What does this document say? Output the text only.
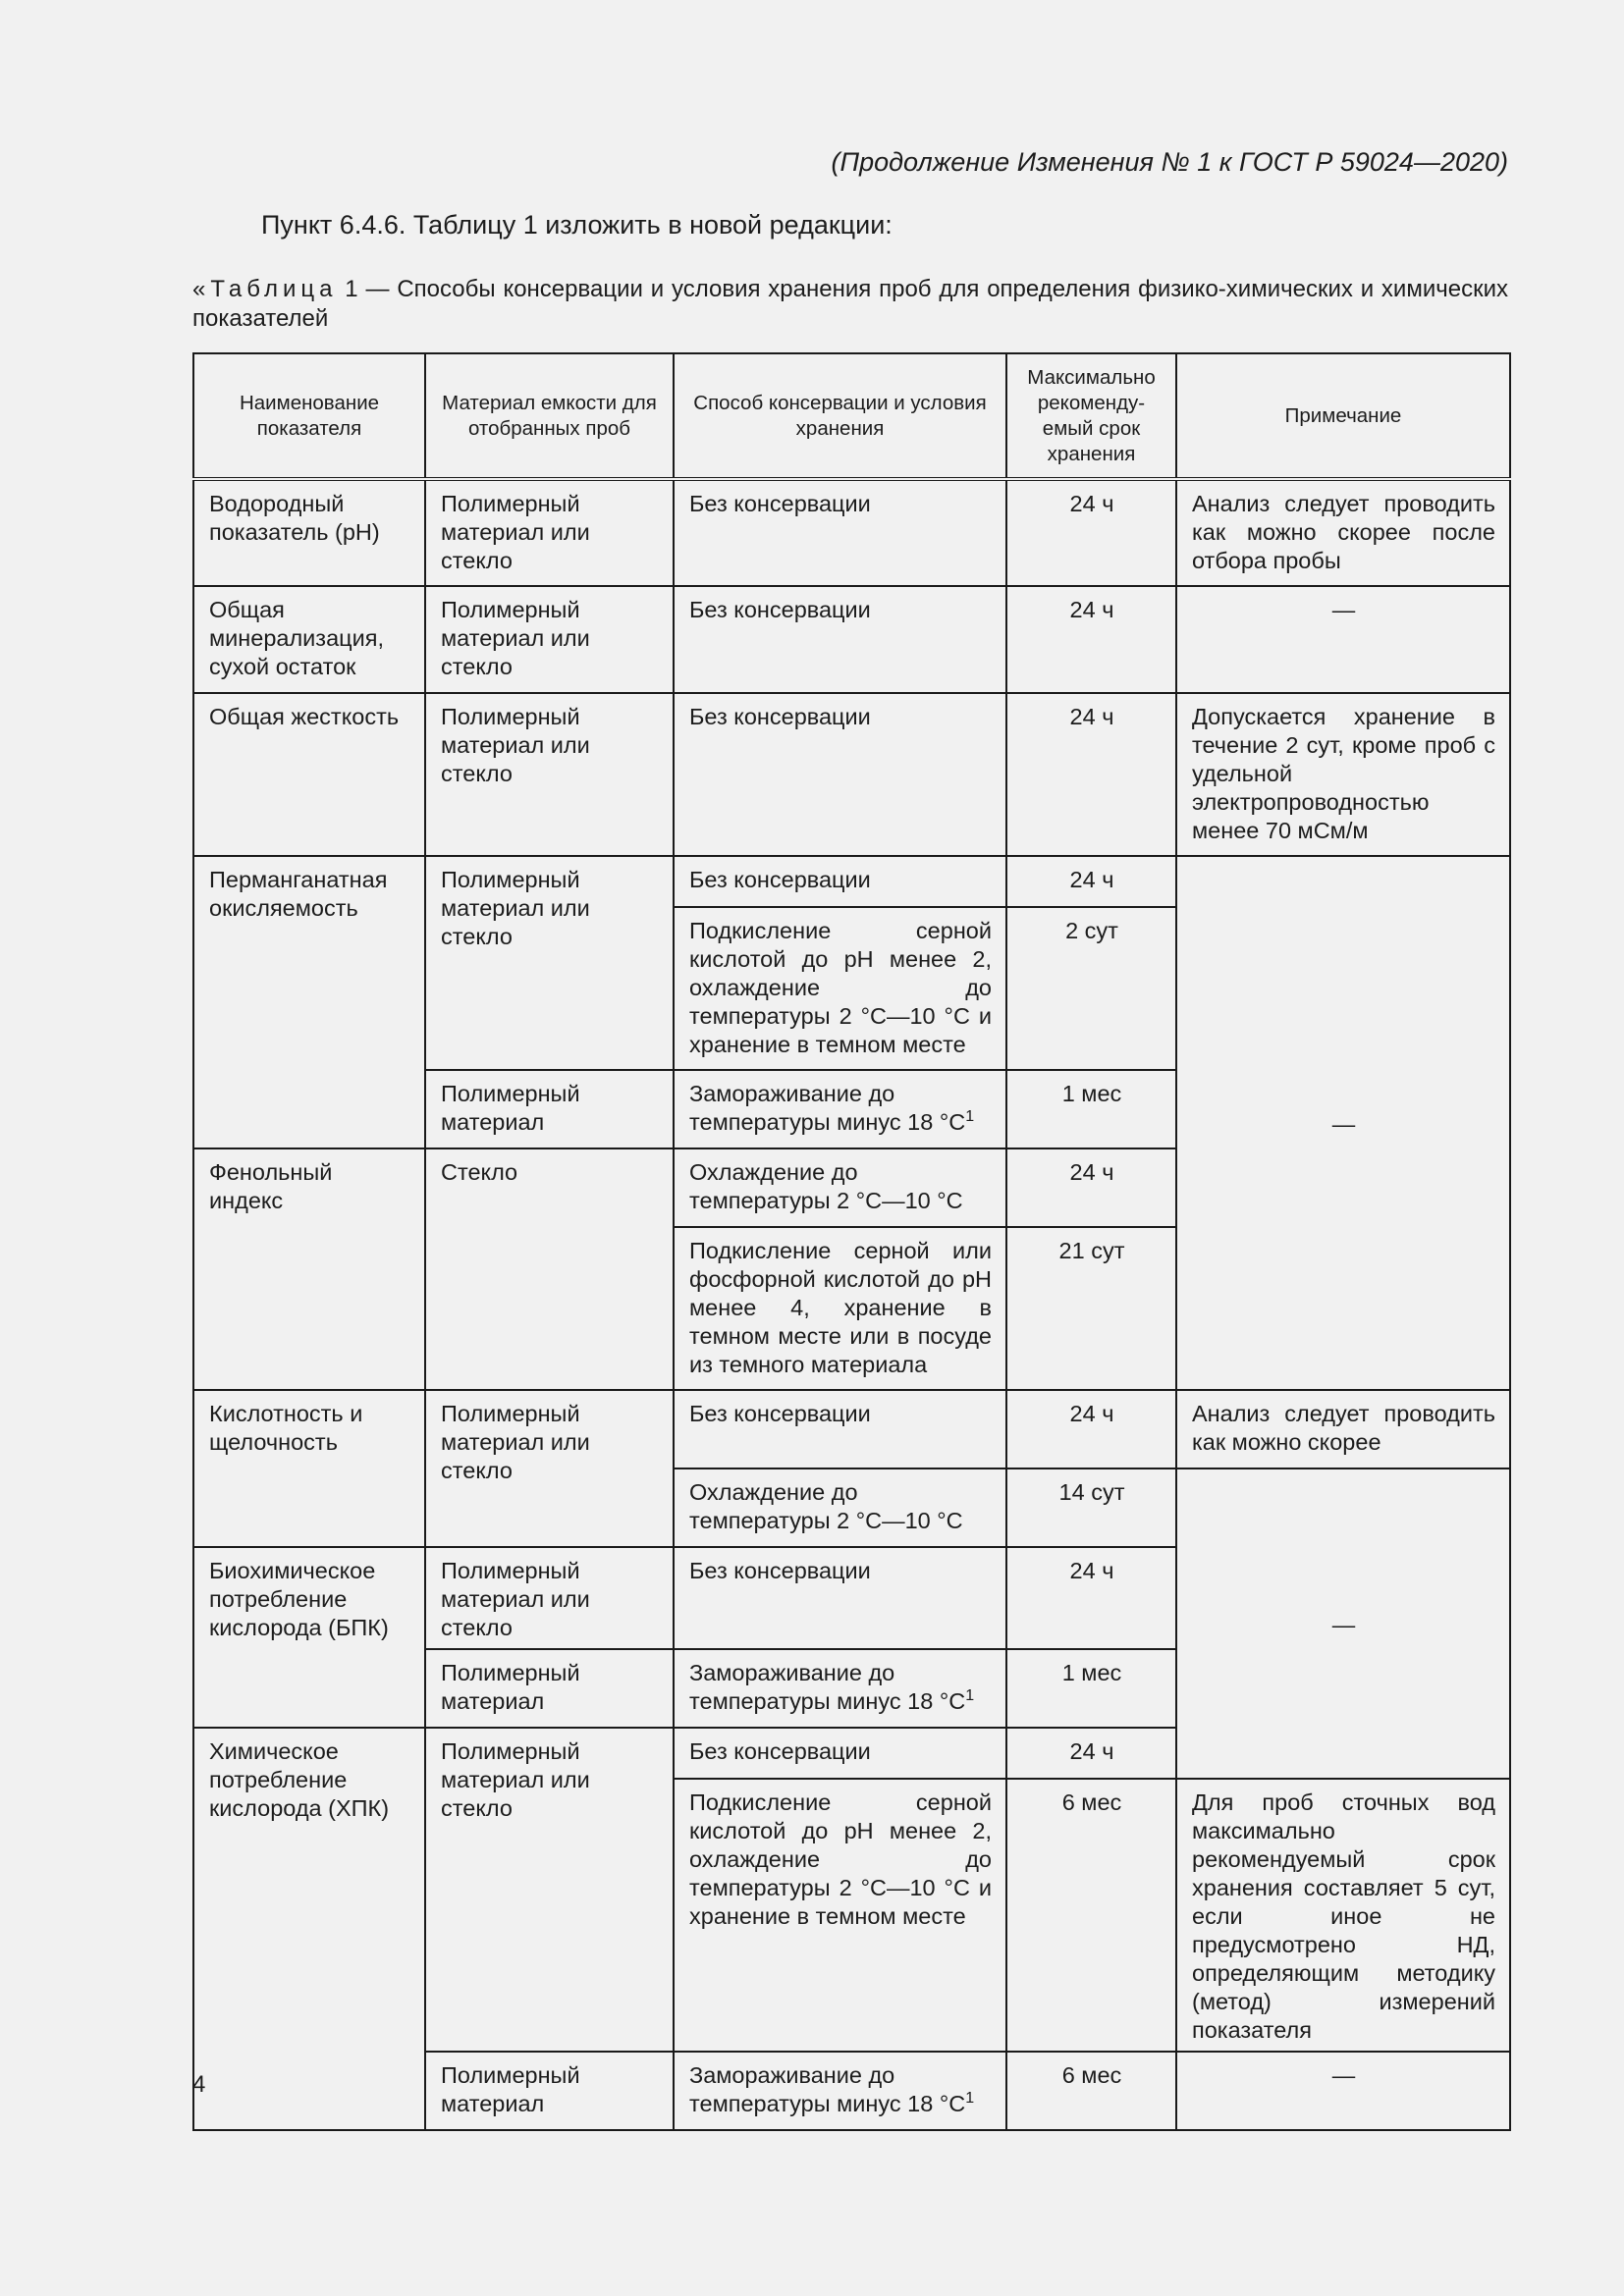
(Продолжение Изменения № 1 к ГОСТ Р 59024—2020)
Пункт 6.4.6. Таблицу 1 изложить в новой редакции:
«Таблица 1 — Способы консервации и условия хранения проб для определения физико-химических и химических показателей
Наименование показателя	Материал емкости для отобранных проб	Способ консервации и условия хранения	Максимально рекоменду-емый срок хранения	Примечание
Водородный показатель (pH)	Полимерный материал или стекло	Без консервации	24 ч	Анализ следует проводить как можно скорее после отбора пробы
Общая минерализация, сухой остаток	Полимерный материал или стекло	Без консервации	24 ч	—
Общая жесткость	Полимерный материал или стекло	Без консервации	24 ч	Допускается хранение в течение 2 сут, кроме проб с удельной электропроводностью менее 70 мСм/м
Перманганатная окисляемость	Полимерный материал или стекло	Без консервации	24 ч	—
		Подкисление серной кислотой до pH менее 2, охлаждение до температуры 2 °C—10 °C и хранение в темном месте	2 сут	
	Полимерный материал	Замораживание до температуры минус 18 $^\circ C^1$	1 мес	
Фенольный индекс	Стекло	Охлаждение до температуры 2 °C—10 °C	24 ч	
		Подкисление серной или фосфорной кислотой до pH менее 4, хранение в темном месте или в посуде из темного материала	21 сут	
Кислотность и щелочность	Полимерный материал или стекло	Без консервации	24 ч	Анализ следует проводить как можно скорее
		Охлаждение до температуры 2 °C—10 °C	14 сут	—
Биохимическое потребление кислорода (БПК)	Полимерный материал или стекло	Без консервации	24 ч	
	Полимерный материал	Замораживание до температуры минус 18 $^\circ C^1$	1 мес	
Химическое потребление кислорода (ХПК)	Полимерный материал или стекло	Без консервации	24 ч	
		Подкисление серной кислотой до pH менее 2, охлаждение до температуры 2 °C—10 °C и хранение в темном месте	6 мес	Для проб сточных вод максимально рекомендуемый срок хранения составляет 5 сут, если иное не предусмотрено НД, определяющим методику (метод) измерений показателя
	Полимерный материал	Замораживание до температуры минус 18 $^\circ C^1$	6 мес	—
4
